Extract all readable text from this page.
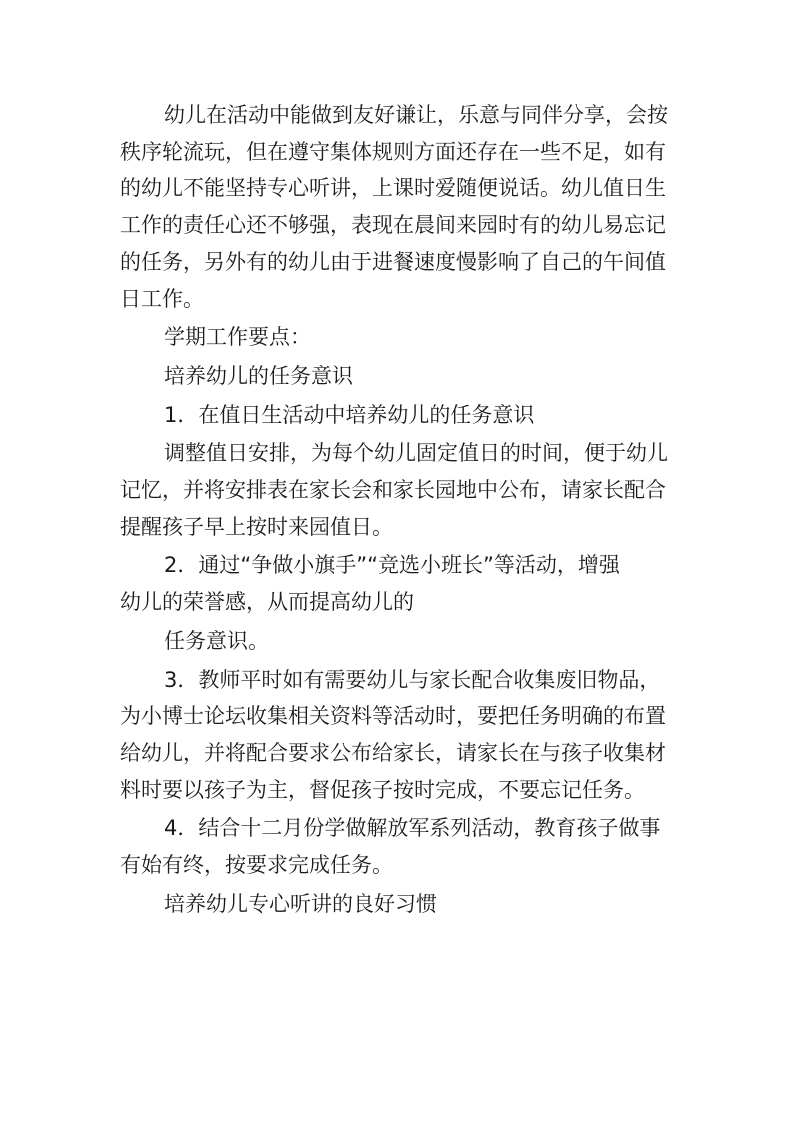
幼儿在活动中能做到友好谦让，乐意与同伴分享，会按
秩序轮流玩，但在遵守集体规则方面还存在一些不足，如有
的幼儿不能坚持专心听讲，上课时爱随便说话。幼儿值日生
工作的责任心还不够强，表现在晨间来园时有的幼儿易忘记
的任务，另外有的幼儿由于进餐速度慢影响了自己的午间值
日工作。

学期工作要点：

培养幼儿的任务意识

1．在值日生活动中培养幼儿的任务意识

调整值日安排，为每个幼儿固定值日的时间，便于幼儿
记忆，并将安排表在家长会和家长园地中公布，请家长配合
提醒孩子早上按时来园值日。

2．通过“争做小旗手”“竞选小班长”等活动，增强
幼儿的荣誉感，从而提高幼儿的

任务意识。

3．教师平时如有需要幼儿与家长配合收集废旧物品，
为小博士论坛收集相关资料等活动时，要把任务明确的布置
给幼儿，并将配合要求公布给家长，请家长在与孩子收集材
料时要以孩子为主，督促孩子按时完成，不要忘记任务。

4．结合十二月份学做解放军系列活动，教育孩子做事
有始有终，按要求完成任务。

培养幼儿专心听讲的良好习惯
